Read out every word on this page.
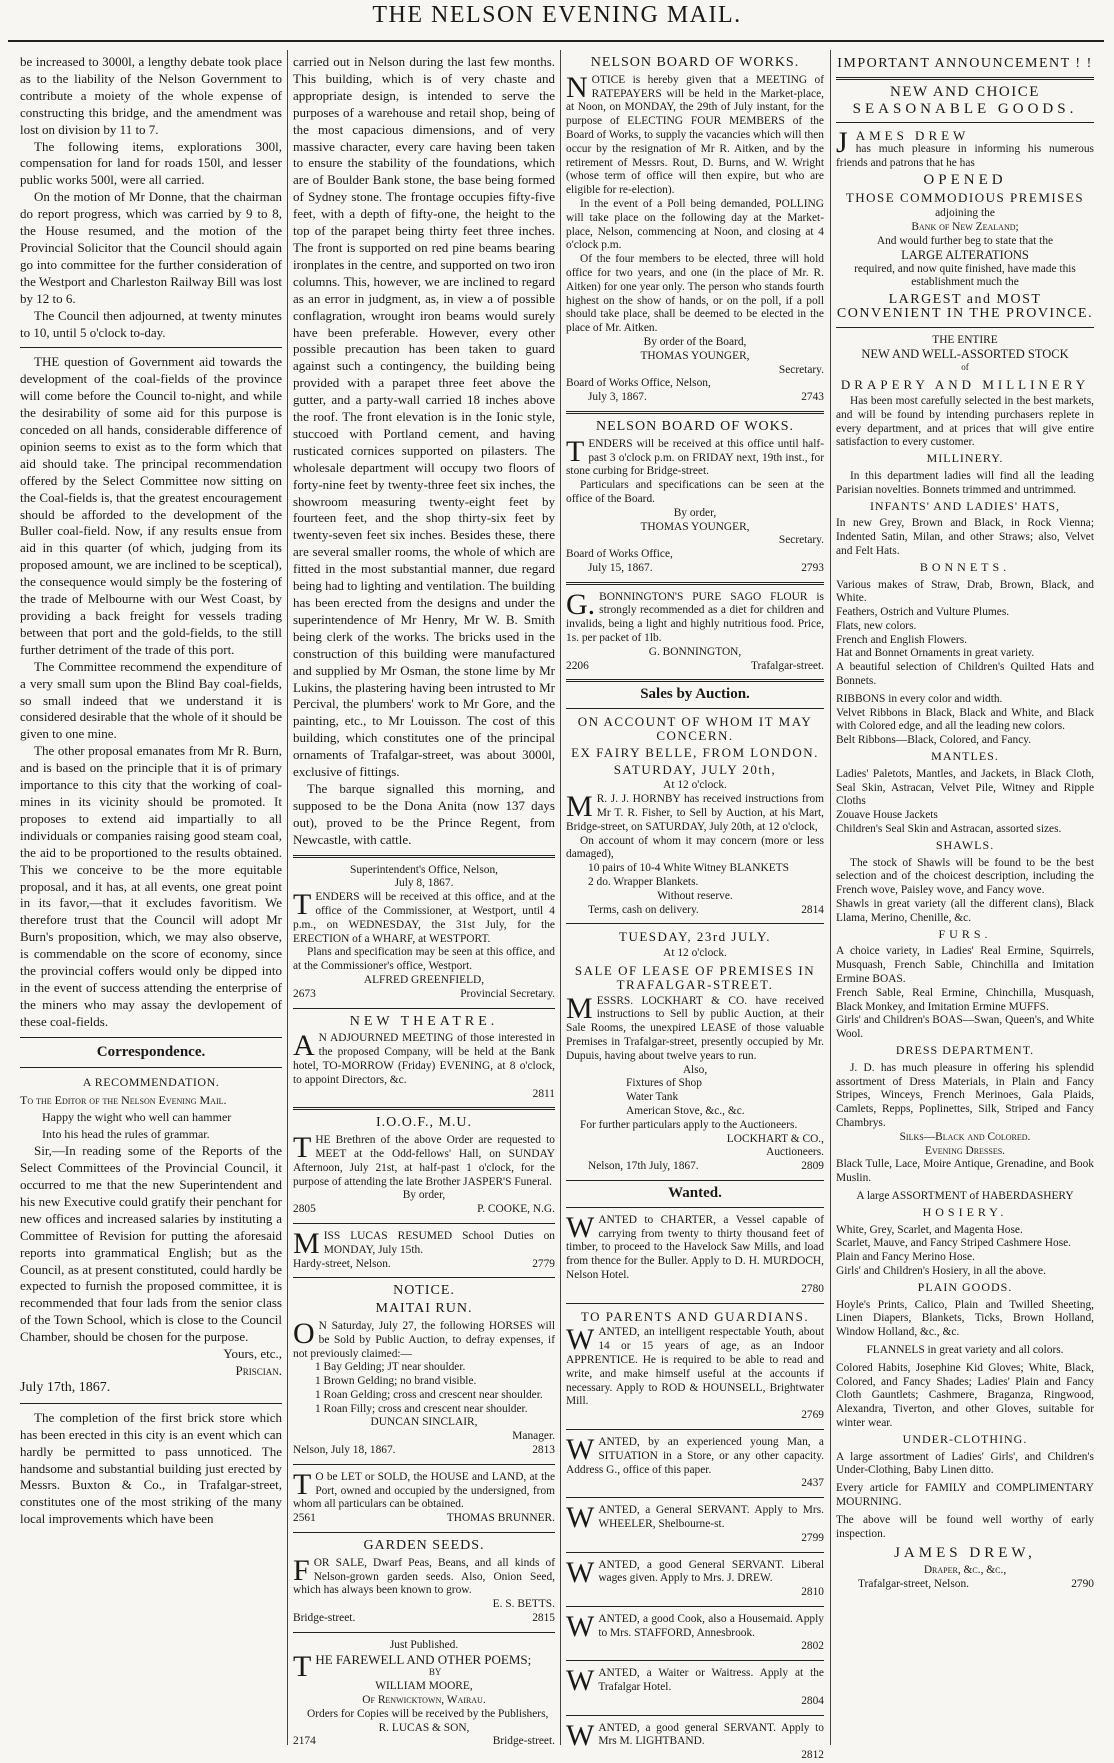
THE NELSON EVENING MAIL.

be increased to 3000l, a lengthy debate took place as to the liability of the Nelson Government to contribute a moiety of the whole expense of constructing this bridge, and the amendment was lost on division by 11 to 7.

The following items, explorations 300l, compensation for land for roads 150l, and lesser public works 500l, were all carried.

On the motion of Mr Donne, that the chairman do report progress, which was carried by 9 to 8, the House resumed, and the motion of the Provincial Solicitor that the Council should again go into committee for the further consideration of the Westport and Charleston Railway Bill was lost by 12 to 6.

The Council then adjourned, at twenty minutes to 10, until 5 o'clock to-day.

THE question of Government aid towards the development of the coal-fields of the province will come before the Council to-night, and while the desirability of some aid for this purpose is conceded on all hands, considerable difference of opinion seems to exist as to the form which that aid should take. The principal recommendation offered by the Select Committee now sitting on the Coal-fields is, that the greatest encouragement should be afforded to the development of the Buller coal-field. Now, if any results ensue from aid in this quarter (of which, judging from its proposed amount, we are inclined to be sceptical), the consequence would simply be the fostering of the trade of Melbourne with our West Coast, by providing a back freight for vessels trading between that port and the gold-fields, to the still further detriment of the trade of this port.

The Committee recommend the expenditure of a very small sum upon the Blind Bay coal-fields, so small indeed that we understand it is considered desirable that the whole of it should be given to one mine.

The other proposal emanates from Mr R. Burn, and is based on the principle that it is of primary importance to this city that the working of coal-mines in its vicinity should be promoted. It proposes to extend aid impartially to all individuals or companies raising good steam coal, the aid to be proportioned to the results obtained. This we conceive to be the more equitable proposal, and it has, at all events, one great point in its favor,—that it excludes favoritism. We therefore trust that the Council will adopt Mr Burn's proposition, which, we may also observe, is commendable on the score of economy, since the provincial coffers would only be dipped into in the event of success attending the enterprise of the miners who may assay the devlopement of these coal-fields.

Correspondence.
A RECOMMENDATION.

To the Editor of the Nelson Evening Mail.

Happy the wight who well can hammer

Into his head the rules of grammar.

Sir,—In reading some of the Reports of the Select Committees of the Provincial Council, it occurred to me that the new Superintendent and his new Executive could gratify their penchant for new offices and increased salaries by instituting a Committee of Revision for putting the aforesaid reports into grammatical English; but as the Council, as at present constituted, could hardly be expected to furnish the proposed committee, it is recommended that four lads from the senior class of the Town School, which is close to the Council Chamber, should be chosen for the purpose.

Yours, etc.,

Priscian.

July 17th, 1867.

The completion of the first brick store which has been erected in this city is an event which can hardly be permitted to pass unnoticed. The handsome and substantial building just erected by Messrs. Buxton & Co., in Trafalgar-street, constitutes one of the most striking of the many local improvements which have been

carried out in Nelson during the last few months. This building, which is of very chaste and appropriate design, is intended to serve the purposes of a warehouse and retail shop, being of the most capacious dimensions, and of very massive character, every care having been taken to ensure the stability of the foundations, which are of Boulder Bank stone, the base being formed of Sydney stone. The frontage occupies fifty-five feet, with a depth of fifty-one, the height to the top of the parapet being thirty feet three inches. The front is supported on red pine beams bearing ironplates in the centre, and supported on two iron columns. This, however, we are inclined to regard as an error in judgment, as, in view a of possible conflagration, wrought iron beams would surely have been preferable. However, every other possible precaution has been taken to guard against such a contingency, the building being provided with a parapet three feet above the gutter, and a party-wall carried 18 inches above the roof. The front elevation is in the Ionic style, stuccoed with Portland cement, and having rusticated cornices supported on pilasters. The wholesale department will occupy two floors of forty-nine feet by twenty-three feet six inches, the showroom measuring twenty-eight feet by fourteen feet, and the shop thirty-six feet by twenty-seven feet six inches. Besides these, there are several smaller rooms, the whole of which are fitted in the most substantial manner, due regard being had to lighting and ventilation. The building has been erected from the designs and under the superintendence of Mr Henry, Mr W. B. Smith being clerk of the works. The bricks used in the construction of this building were manufactured and supplied by Mr Osman, the stone lime by Mr Lukins, the plastering having been intrusted to Mr Percival, the plumbers' work to Mr Gore, and the painting, etc., to Mr Louisson. The cost of this building, which constitutes one of the principal ornaments of Trafalgar-street, was about 3000l, exclusive of fittings.

The barque signalled this morning, and supposed to be the Dona Anita (now 137 days out), proved to be the Prince Regent, from Newcastle, with cattle.

Superintendent's Office, Nelson,

July 8, 1867.

TENDERS will be received at this office, and at the office of the Commissioner, at Westport, until 4 p.m., on WEDNESDAY, the 31st July, for the ERECTION of a WHARF, at WESTPORT.

Plans and specification may be seen at this office, and at the Commissioner's office, Westport.

ALFRED GREENFIELD,

2673	Provincial Secretary.
NEW THEATRE.

AN ADJOURNED MEETING of those interested in the proposed Company, will be held at the Bank hotel, TO-MORROW (Friday) EVENING, at 8 o'clock, to appoint Directors, &c.

2811

I.O.O.F., M.U.

THE Brethren of the above Order are requested to MEET at the Odd-fellows' Hall, on SUNDAY Afternoon, July 21st, at half-past 1 o'clock, for the purpose of attending the late Brother JASPER'S Funeral.

By order,

2805	P. COOKE, N.G.

MISS LUCAS RESUMED School Duties on MONDAY, July 15th.

Hardy-street, Nelson.	2779
NOTICE.
MAITAI RUN.

ON Saturday, July 27, the following HORSES will be Sold by Public Auction, to defray expenses, if not previously claimed:—

1 Bay Gelding; JT near shoulder.

1 Brown Gelding; no brand visible.

1 Roan Gelding; cross and crescent near shoulder.

1 Roan Filly; cross and crescent near shoulder.

DUNCAN SINCLAIR,

Manager.

Nelson, July 18, 1867.	2813

TO be LET or SOLD, the HOUSE and LAND, at the Port, owned and occupied by the undersigned, from whom all particulars can be obtained.

2561	THOMAS BRUNNER.
GARDEN SEEDS.

FOR SALE, Dwarf Peas, Beans, and all kinds of Nelson-grown garden seeds. Also, Onion Seed, which has always been known to grow.

E. S. BETTS.

Bridge-street.	2815

Just Published.

THE FAREWELL AND OTHER POEMS;

BY

WILLIAM MOORE,

Of Renwicktown, Wairau.

Orders for Copies will be received by the Publishers,

R. LUCAS & SON,

2174	Bridge-street.
NELSON BOARD OF WORKS.

NOTICE is hereby given that a MEETING of RATEPAYERS will be held in the Market-place, at Noon, on MONDAY, the 29th of July instant, for the purpose of ELECTING FOUR MEMBERS of the Board of Works, to supply the vacancies which will then occur by the resignation of Mr R. Aitken, and by the retirement of Messrs. Rout, D. Burns, and W. Wright (whose term of office will then expire, but who are eligible for re-election).

In the event of a Poll being demanded, POLLING will take place on the following day at the Market-place, Nelson, commencing at Noon, and closing at 4 o'clock p.m.

Of the four members to be elected, three will hold office for two years, and one (in the place of Mr. R. Aitken) for one year only. The person who stands fourth highest on the show of hands, or on the poll, if a poll should take place, shall be deemed to be elected in the place of Mr. Aitken.

By order of the Board,

THOMAS YOUNGER,

Secretary.

Board of Works Office, Nelson,

July 3, 1867.	2743
NELSON BOARD OF WOKS.

TENDERS will be received at this office until half-past 3 o'clock p.m. on FRIDAY next, 19th inst., for stone curbing for Bridge-street.

Particulars and specifications can be seen at the office of the Board.

By order,

THOMAS YOUNGER,

Secretary.

Board of Works Office,

July 15, 1867.	2793

G.BONNINGTON'S PURE SAGO FLOUR is strongly recommended as a diet for children and invalids, being a light and highly nutritious food. Price, 1s. per packet of 1lb.

G. BONNINGTON,

2206	Trafalgar-street.
Sales by Auction.
ON ACCOUNT OF WHOM IT MAY CONCERN.
EX FAIRY BELLE, FROM LONDON.
SATURDAY, JULY 20th,

At 12 o'clock.

MR. J. J. HORNBY has received instructions from Mr T. R. Fisher, to Sell by Auction, at his Mart, Bridge-street, on SATURDAY, July 20th, at 12 o'clock,

On account of whom it may concern (more or less damaged),

10 pairs of 10-4 White Witney BLANKETS

2 do. Wrapper Blankets.

Without reserve.

Terms, cash on delivery.	2814
TUESDAY, 23rd JULY.

At 12 o'clock.

SALE OF LEASE OF PREMISES IN TRAFALGAR-STREET.

MESSRS. LOCKHART & CO. have received instructions to Sell by public Auction, at their Sale Rooms, the unexpired LEASE of those valuable Premises in Trafalgar-street, presently occupied by Mr. Dupuis, having about twelve years to run.

Also,

Fixtures of Shop

Water Tank

American Stove, &c., &c.

For further particulars apply to the Auctioneers.

LOCKHART & CO.,

Auctioneers.

Nelson, 17th July, 1867.	2809
Wanted.

WANTED to CHARTER, a Vessel capable of carrying from twenty to thirty thousand feet of timber, to proceed to the Havelock Saw Mills, and load from thence for the Buller. Apply to D. H. MURDOCH, Nelson Hotel.

2780

TO PARENTS AND GUARDIANS.

WANTED, an intelligent respectable Youth, about 14 or 15 years of age, as an Indoor APPRENTICE. He is required to be able to read and write, and make himself useful at the accounts if necessary. Apply to ROD & HOUNSELL, Brightwater Mill.

2769

WANTED, by an experienced young Man, a SITUATION in a Store, or any other capacity. Address G., office of this paper.

2437

WANTED, a General SERVANT. Apply to Mrs. WHEELER, Shelbourne-st.

2799

WANTED, a good General SERVANT. Liberal wages given. Apply to Mrs. J. DREW.

2810

WANTED, a good Cook, also a Housemaid. Apply to Mrs. STAFFORD, Annesbrook.

2802

WANTED, a Waiter or Waitress. Apply at the Trafalgar Hotel.

2804

WANTED, a good general SERVANT. Apply to Mrs M. LIGHTBAND.

2812

IMPORTANT ANNOUNCEMENT ! !
NEW AND CHOICE
SEASONABLE GOODS.

JAMES DREW

has much pleasure in informing his numerous friends and patrons that he has

OPENED
THOSE COMMODIOUS PREMISES

adjoining the

Bank of New Zealand;

And would further beg to state that the

LARGE ALTERATIONS

required, and now quite finished, have made this establishment much the

LARGEST and MOST CONVENIENT IN THE PROVINCE.

THE ENTIRE

NEW AND WELL-ASSORTED STOCK

of

DRAPERY AND MILLINERY

Has been most carefully selected in the best markets, and will be found by intending purchasers replete in every department, and at prices that will give entire satisfaction to every customer.

MILLINERY.

In this department ladies will find all the leading Parisian novelties. Bonnets trimmed and untrimmed.

INFANTS' AND LADIES' HATS,

In new Grey, Brown and Black, in Rock Vienna; Indented Satin, Milan, and other Straws; also, Velvet and Felt Hats.

BONNETS.

Various makes of Straw, Drab, Brown, Black, and White.

Feathers, Ostrich and Vulture Plumes.

Flats, new colors.

French and English Flowers.

Hat and Bonnet Ornaments in great variety.

A beautiful selection of Children's Quilted Hats and Bonnets.

RIBBONS in every color and width.

Velvet Ribbons in Black, Black and White, and Black with Colored edge, and all the leading new colors.

Belt Ribbons—Black, Colored, and Fancy.

MANTLES.

Ladies' Paletots, Mantles, and Jackets, in Black Cloth, Seal Skin, Astracan, Velvet Pile, Witney and Ripple Cloths

Zouave House Jackets

Children's Seal Skin and Astracan, assorted sizes.

SHAWLS.

The stock of Shawls will be found to be the best selection and of the choicest description, including the French wove, Paisley wove, and Fancy wove.

Shawls in great variety (all the different clans), Black Llama, Merino, Chenille, &c.

FURS.

A choice variety, in Ladies' Real Ermine, Squirrels, Musquash, French Sable, Chinchilla and Imitation Ermine BOAS.

French Sable, Real Ermine, Chinchilla, Musquash, Black Monkey, and Imitation Ermine MUFFS.

Girls' and Children's BOAS—Swan, Queen's, and White Wool.

DRESS DEPARTMENT.

J. D. has much pleasure in offering his splendid assortment of Dress Materials, in Plain and Fancy Stripes, Winceys, French Merinoes, Gala Plaids, Camlets, Repps, Poplinettes, Silk, Striped and Fancy Chambrys.

Silks—Black and Colored.

Evening Dresses.

Black Tulle, Lace, Moire Antique, Grenadine, and Book Muslin.

A large ASSORTMENT of HABERDASHERY

HOSIERY.

White, Grey, Scarlet, and Magenta Hose.

Scarlet, Mauve, and Fancy Striped Cashmere Hose.

Plain and Fancy Merino Hose.

Girls' and Children's Hosiery, in all the above.

PLAIN GOODS.

Hoyle's Prints, Calico, Plain and Twilled Sheeting, Linen Diapers, Blankets, Ticks, Brown Holland, Window Holland, &c., &c.

FLANNELS in great variety and all colors.

Colored Habits, Josephine Kid Gloves; White, Black, Colored, and Fancy Shades; Ladies' Plain and Fancy Cloth Gauntlets; Cashmere, Braganza, Ringwood, Alexandra, Tiverton, and other Gloves, suitable for winter wear.

UNDER-CLOTHING.

A large assortment of Ladies' Girls', and Children's Under-Clothing, Baby Linen ditto.

Every article for FAMILY and COMPLIMENTARY MOURNING.

The above will be found well worthy of early inspection.

JAMES DREW,

Draper, &c., &c.,

Trafalgar-street, Nelson.	2790
